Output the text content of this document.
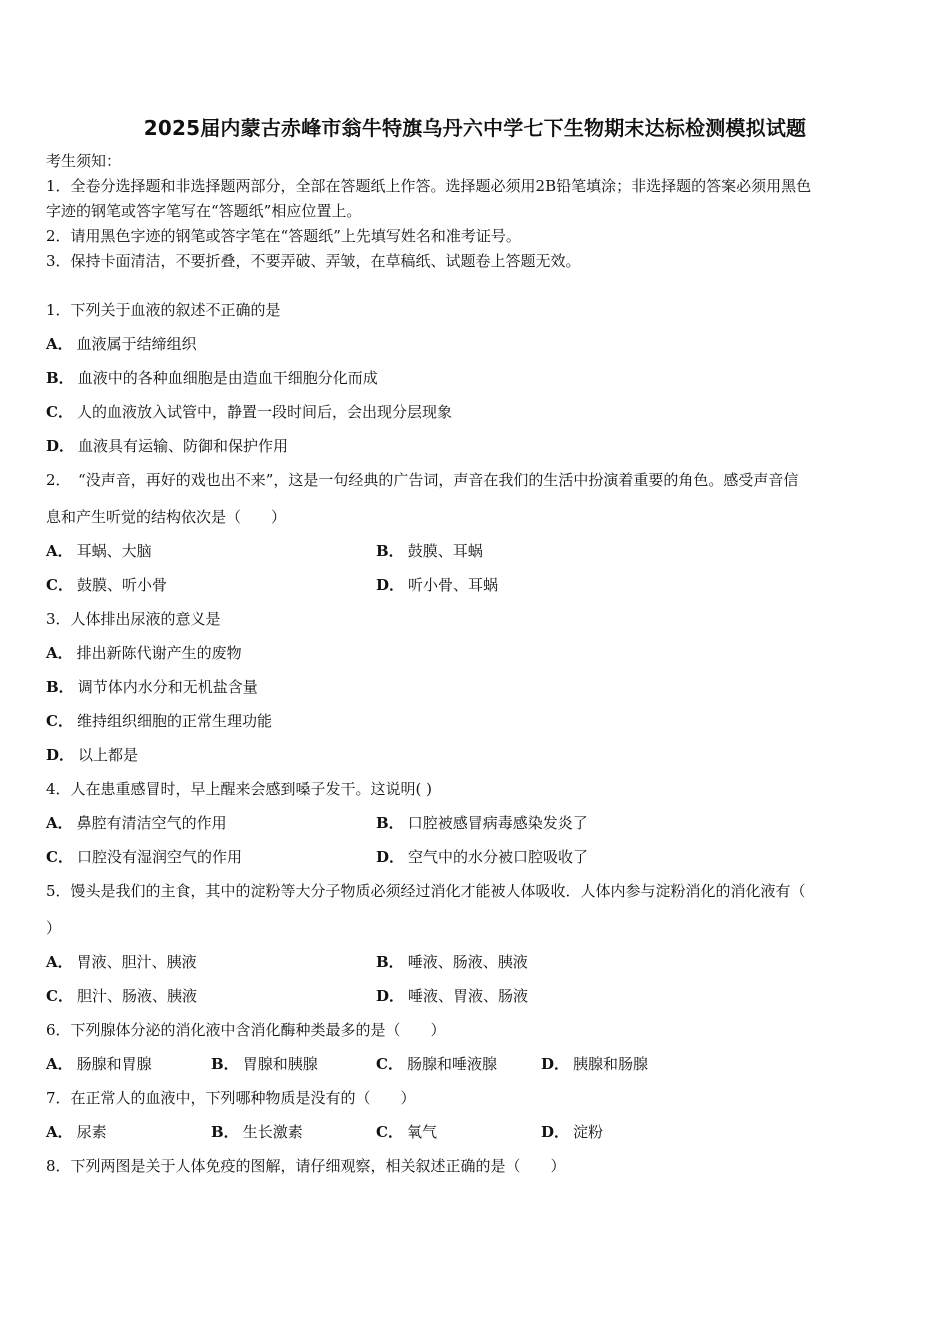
2025届内蒙古赤峰市翁牛特旗乌丹六中学七下生物期末达标检测模拟试题
考生须知：
1．全卷分选择题和非选择题两部分，全部在答题纸上作答。选择题必须用2B铅笔填涂；非选择题的答案必须用黑色
字迹的钢笔或答字笔写在“答题纸”相应位置上。
2．请用黑色字迹的钢笔或答字笔在“答题纸”上先填写姓名和准考证号。
3．保持卡面清洁，不要折叠，不要弄破、弄皱，在草稿纸、试题卷上答题无效。
1．下列关于血液的叙述不正确的是
A． 血液属于结缔组织
B． 血液中的各种血细胞是由造血干细胞分化而成
C． 人的血液放入试管中，静置一段时间后，会出现分层现象
D． 血液具有运输、防御和保护作用
2．　“没声音，再好的戏也出不来”，这是一句经典的广告词，声音在我们的生活中扮演着重要的角色。感受声音信
息和产生听觉的结构依次是（　　）
A． 耳蜗、大脑	B． 鼓膜、耳蜗
C． 鼓膜、听小骨	D． 听小骨、耳蜗
3．人体排出尿液的意义是
A． 排出新陈代谢产生的废物
B． 调节体内水分和无机盐含量
C． 维持组织细胞的正常生理功能
D． 以上都是
4．人在患重感冒时，早上醒来会感到嗓子发干。这说明( )
A． 鼻腔有清洁空气的作用	B． 口腔被感冒病毒感染发炎了
C． 口腔没有湿润空气的作用	D． 空气中的水分被口腔吸收了
5．馒头是我们的主食，其中的淀粉等大分子物质必须经过消化才能被人体吸收．人体内参与淀粉消化的消化液有（
）
A． 胃液、胆汁、胰液	B． 唾液、肠液、胰液
C． 胆汁、肠液、胰液	D． 唾液、胃液、肠液
6．下列腺体分泌的消化液中含消化酶种类最多的是（　　）
A． 肠腺和胃腺	B． 胃腺和胰腺	C． 肠腺和唾液腺	D． 胰腺和肠腺
7．在正常人的血液中，下列哪种物质是没有的（　　）
A． 尿素	B． 生长激素	C． 氧气	D． 淀粉
8．下列两图是关于人体免疫的图解，请仔细观察，相关叙述正确的是（　　）
